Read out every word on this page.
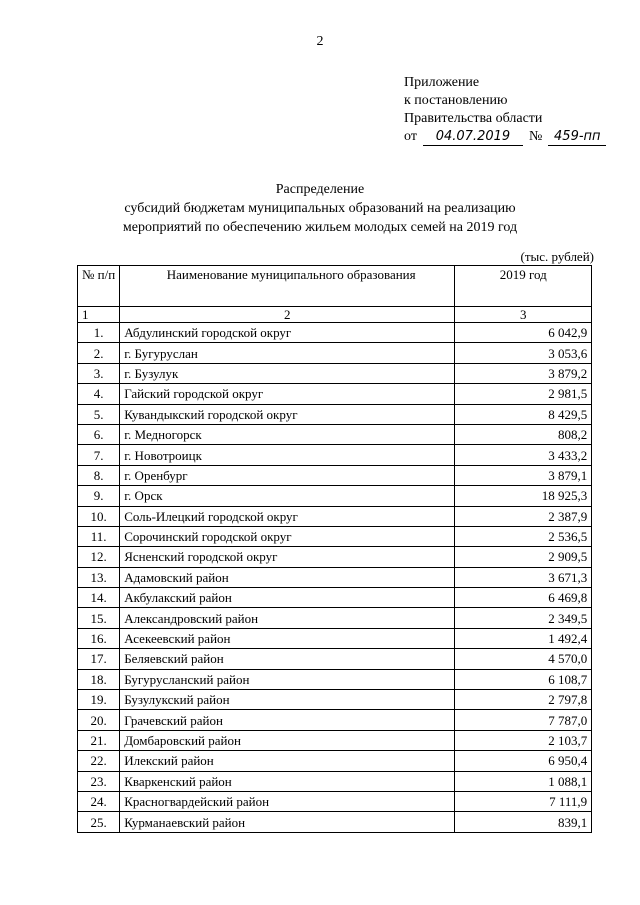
2
Приложение
к постановлению
Правительства области
от	04.07.2019	№ 459-пп
Распределение
субсидий бюджетам муниципальных образований на реализацию
мероприятий по обеспечению жильем молодых семей на 2019 год
(тыс. рублей)
№ п/п	Наименование муниципального образования	2019 год
1	2	3
1.	Абдулинский городской округ	6 042,9
2.	г. Бугуруслан	3 053,6
3.	г. Бузулук	3 879,2
4.	Гайский городской округ	2 981,5
5.	Кувандыкский городской округ	8 429,5
6.	г. Медногорск	808,2
7.	г. Новотроицк	3 433,2
8.	г. Оренбург	3 879,1
9.	г. Орск	18 925,3
10.	Соль-Илецкий городской округ	2 387,9
11.	Сорочинский городской округ	2 536,5
12.	Ясненский городской округ	2 909,5
13.	Адамовский район	3 671,3
14.	Акбулакский район	6 469,8
15.	Александровский район	2 349,5
16.	Асекеевский район	1 492,4
17.	Беляевский район	4 570,0
18.	Бугурусланский район	6 108,7
19.	Бузулукский район	2 797,8
20.	Грачевский район	7 787,0
21.	Домбаровский район	2 103,7
22.	Илекский район	6 950,4
23.	Кваркенский район	1 088,1
24.	Красногвардейский район	7 111,9
25.	Курманаевский район	839,1
